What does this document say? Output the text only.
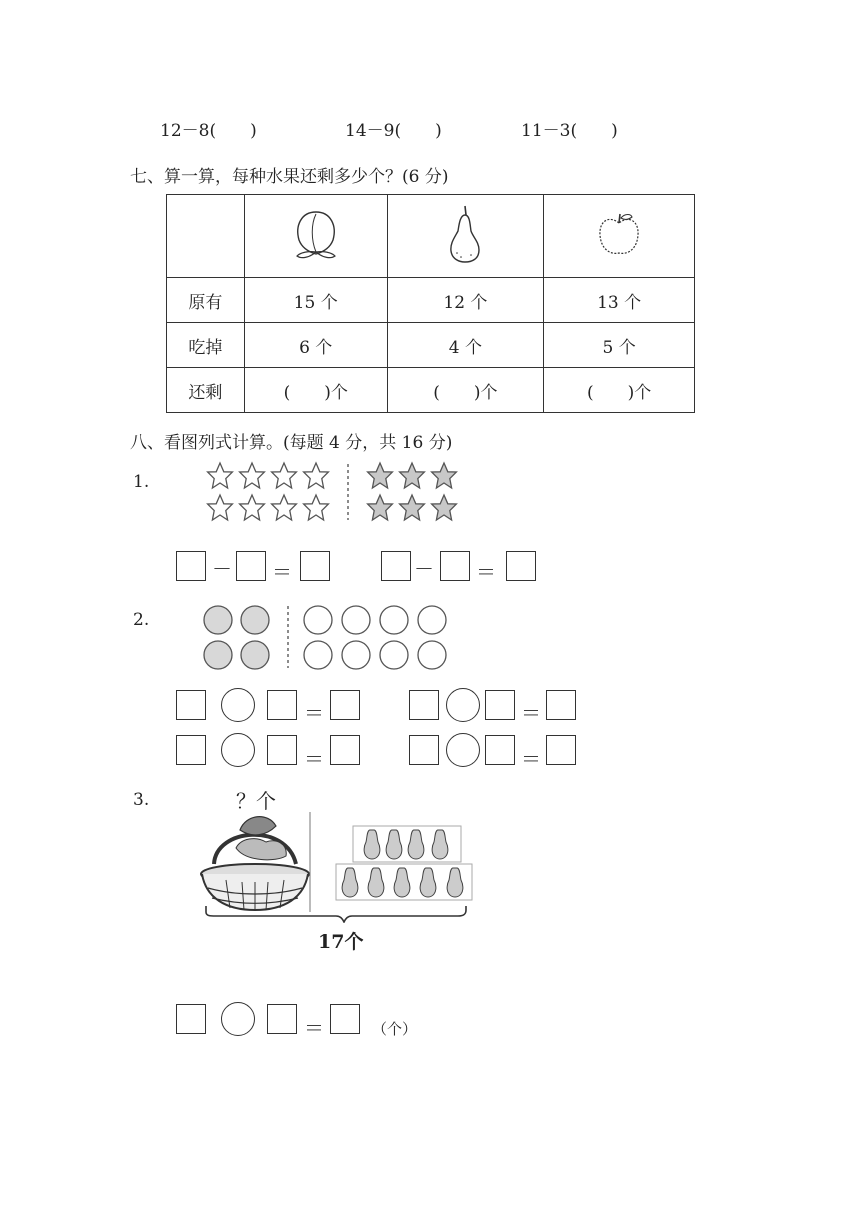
12－8(　　)	14－9(　　)	11－3(　　)
七、算一算，每种水果还剩多少个？(6 分)

原有	15 个	12 个	13 个
吃掉	6 个	4 个	5 个
还剩	(　　)个	(　　)个	(　　)个
八、看图列式计算。(每题 4 分，共 16 分)
1.
－ ＝	－ ＝
2.
＝	＝
＝	＝
3.	？个
17个
＝	（个）
